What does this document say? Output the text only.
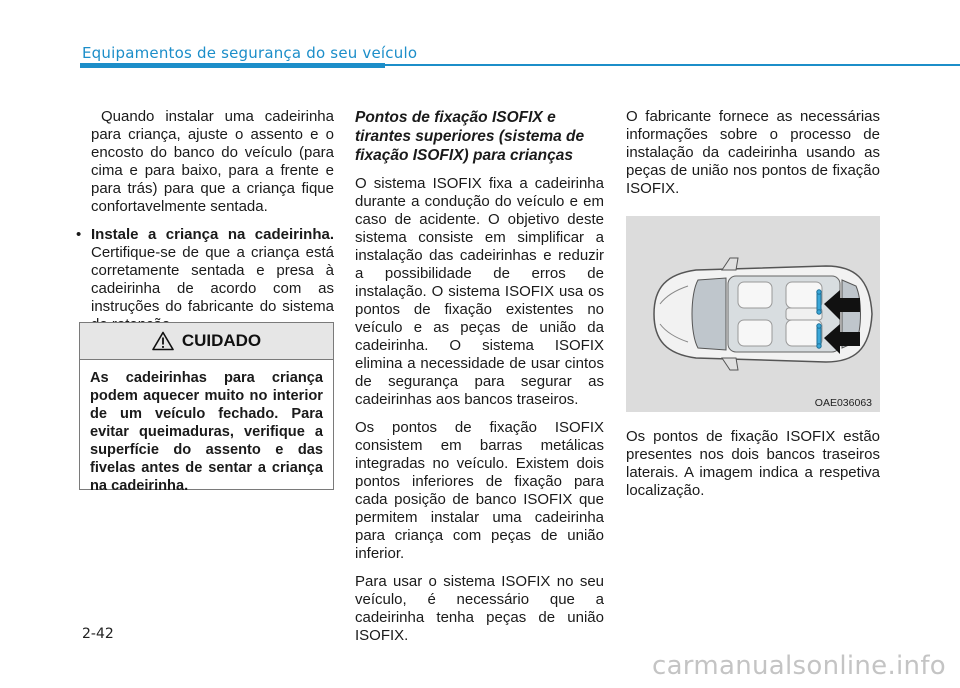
Equipamentos de segurança do seu veículo

Quando instalar uma cadeirinha para criança, ajuste o assento e o encosto do banco do veículo (para cima e para baixo, para a frente e para trás) para que a criança fique confortavelmente sentada.

• Instale a criança na cadeirinha. Certifique-se de que a criança está corretamente sentada e presa à cadeirinha de acordo com as instruções do fabricante do sistema
CUIDADO
As cadeirinhas para criança podem aquecer muito no interior de um veículo fechado. Para evitar queimaduras, verifique a superfície do assento e das fivelas antes de sentar a criança na cadeirinha.
Pontos de fixação ISOFIX e tirantes superiores (sistema de fixação ISOFIX) para crianças

O sistema ISOFIX fixa a cadeirinha durante a condução do veículo e em caso de acidente. O objetivo deste sistema consiste em simplificar a instalação das cadeirinhas e reduzir a possibilidade de erros de instalação. O sistema ISOFIX usa os pontos de fixação existentes no veículo e as peças de união da cadeirinha. O sistema ISOFIX elimina a necessidade de usar cintos de segurança para segurar as cadeirinhas aos bancos traseiros.

Os pontos de fixação ISOFIX consistem em barras metálicas integradas no veículo. Existem dois pontos inferiores de fixação para cada posição de banco ISOFIX que permitem instalar uma cadeirinha para criança com peças de união inferior.

Para usar o sistema ISOFIX no seu veículo, é necessário que a cadeirinha tenha peças de união ISOFIX.

O fabricante fornece as necessárias informações sobre o processo de instalação da cadeirinha usando as peças de união nos pontos de fixação ISOFIX.

OAE036063

Os pontos de fixação ISOFIX estão presentes nos dois bancos traseiros laterais. A imagem indica a respetiva localização.

2-42
carmanualsonline.info
